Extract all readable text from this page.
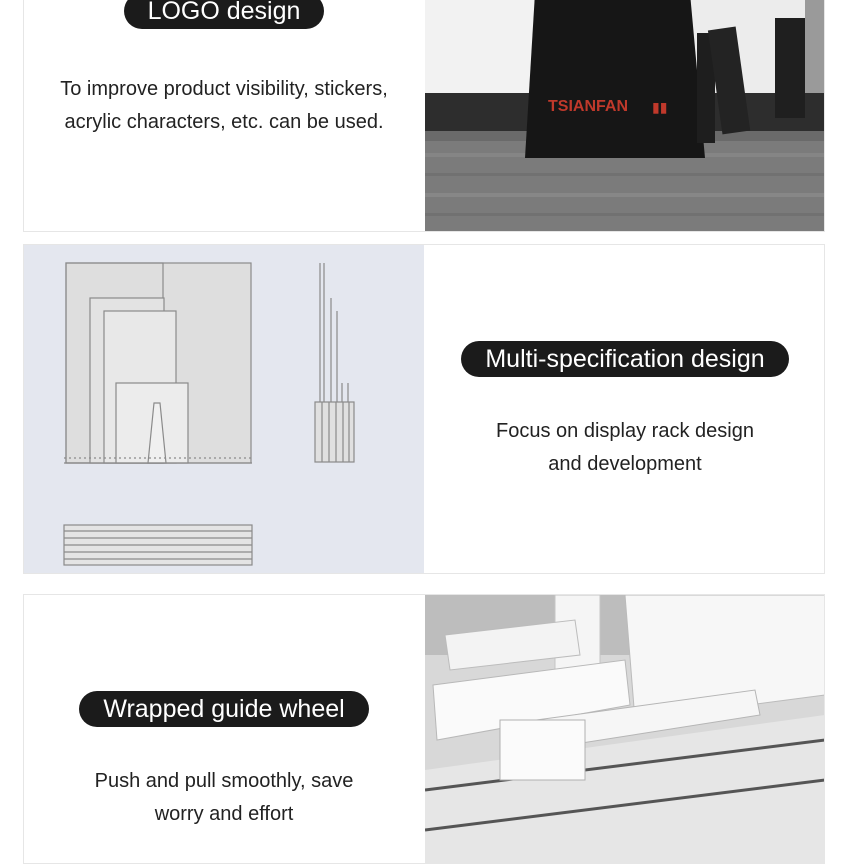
LOGO design

To improve product visibility, stickers,

acrylic characters, etc. can be used.

TSIANFAN ▮▮
Multi-specification design

Focus on display rack design

and development

Wrapped guide wheel

Push and pull smoothly, save

worry and effort
